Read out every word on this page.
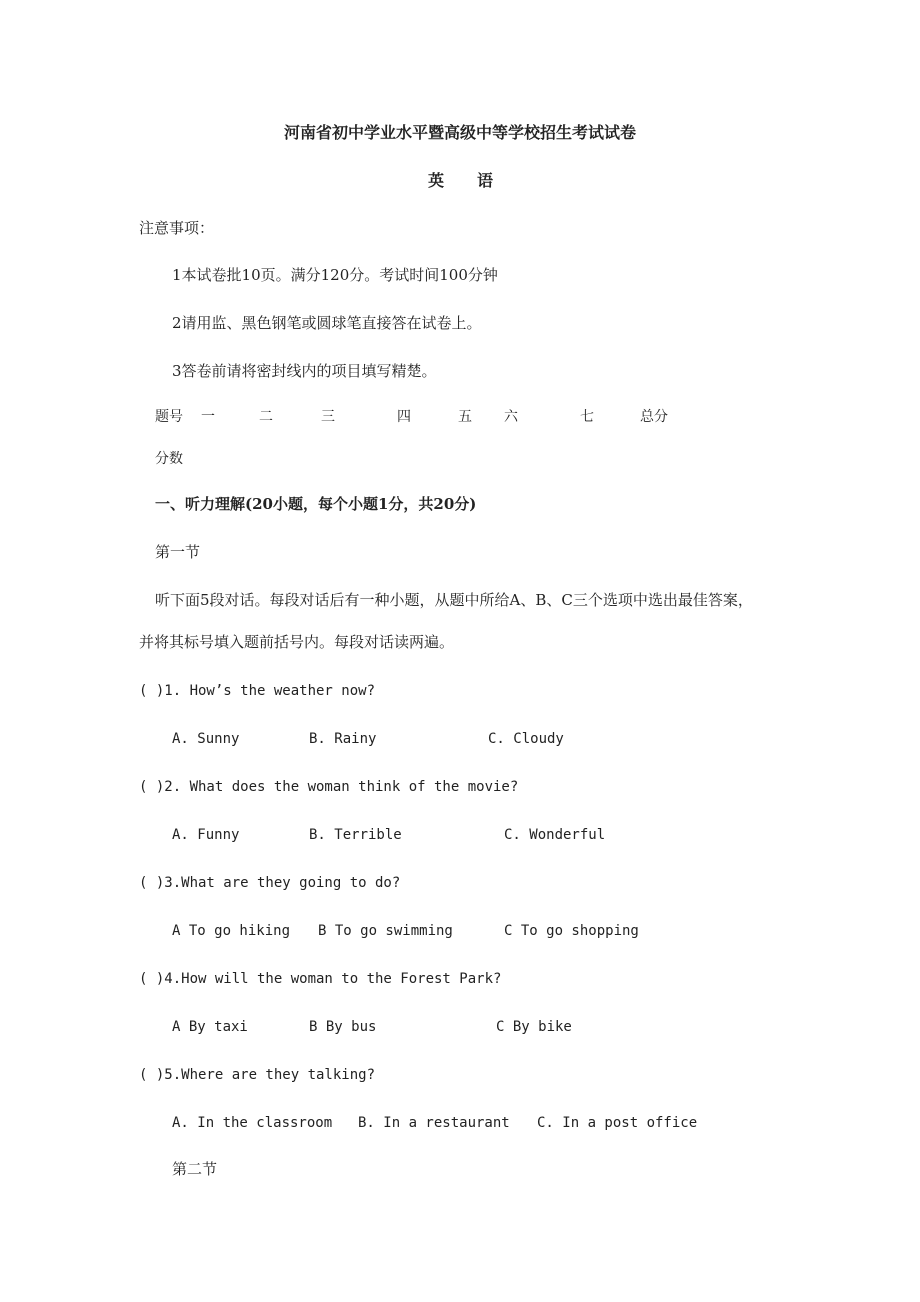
河南省初中学业水平暨高级中等学校招生考试试卷
英 语
注意事项：
1本试卷批10页。满分120分。考试时间100分钟
2请用监、黑色钢笔或圆球笔直接答在试卷上。
3答卷前请将密封线内的项目填写精楚。
题号 一	二	三	四	五 六	七	总分
分数
一、听力理解(20小题，每个小题1分，共20分)
第一节
听下面5段对话。每段对话后有一种小题，从题中所给A、B、C三个选项中选出最佳答案，
并将其标号填入题前括号内。每段对话读两遍。
( )1. How’s the weather now?
A. Sunny	B. Rainy	C. Cloudy
( )2. What does the woman think of the movie?
A. Funny	B. Terrible	C. Wonderful
( )3.What are they going to do?
A To go hiking B To go swimming	C To go shopping
( )4.How will the woman to the Forest Park?
A By taxi	B By bus	C By bike
( )5.Where are they talking?
A. In the classroom B. In a restaurant C. In a post office
第二节
